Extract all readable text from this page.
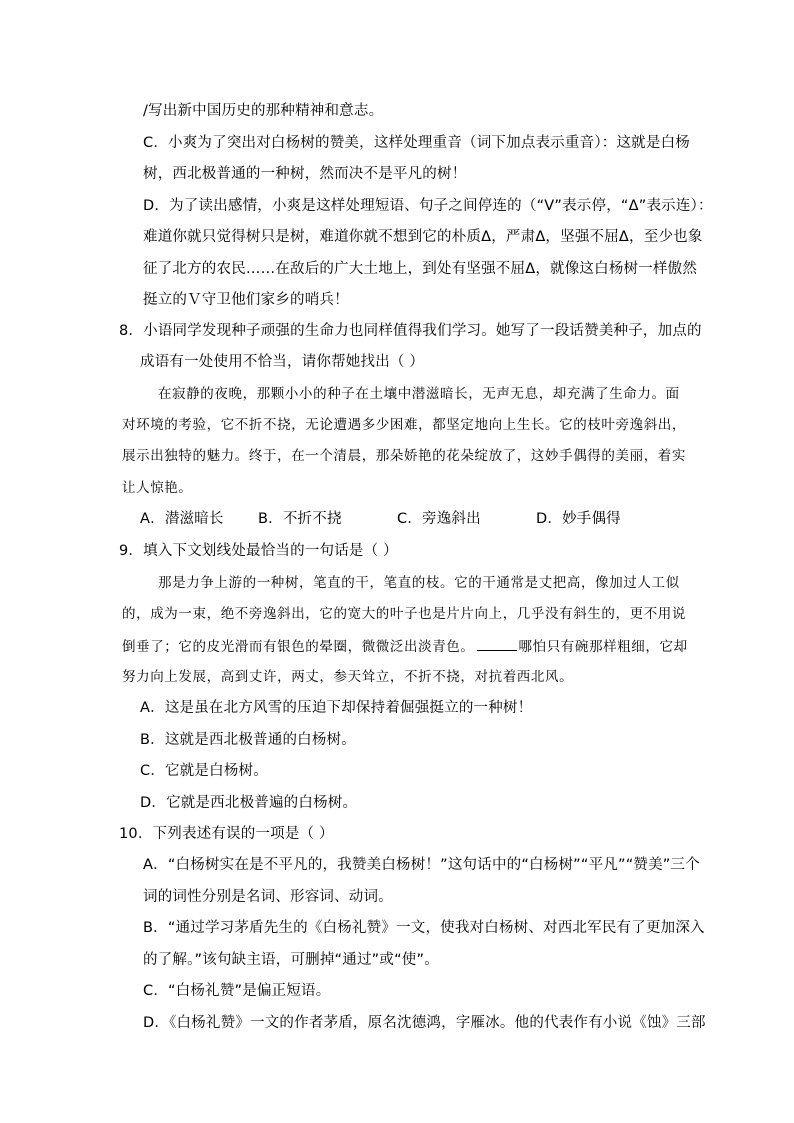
/写出新中国历史的那种精神和意志。
C．小爽为了突出对白杨树的赞美，这样处理重音（词下加点表示重音）：这就是白杨
树，西北极普通的一种树，然而决不是平凡的树！
D．为了读出感情，小爽是这样处理短语、句子之间停连的（“V”表示停，“Δ”表示连）：
难道你就只觉得树只是树，难道你就不想到它的朴质Δ，严肃Δ，坚强不屈Δ，至少也象
征了北方的农民……在敌后的广大土地上，到处有坚强不屈Δ，就像这白杨树一样傲然
挺立的Ｖ守卫他们家乡的哨兵！
8．小语同学发现种子顽强的生命力也同样值得我们学习。她写了一段话赞美种子，加点的
成语有一处使用不恰当，请你帮她找出（ ）
在寂静的夜晚，那颗小小的种子在土壤中潜滋暗长，无声无息，却充满了生命力。面
对环境的考验，它不折不挠，无论遭遇多少困难，都坚定地向上生长。它的枝叶旁逸斜出，
展示出独特的魅力。终于，在一个清晨，那朵娇艳的花朵绽放了，这妙手偶得的美丽，着实
让人惊艳。
A．潜滋暗长 B．不折不挠	C．旁逸斜出	D．妙手偶得
9．填入下文划线处最恰当的一句话是（ ）
那是力争上游的一种树，笔直的干，笔直的枝。它的干通常是丈把高，像加过人工似
的，成为一束，绝不旁逸斜出，它的宽大的叶子也是片片向上，几乎没有斜生的，更不用说
倒垂了；它的皮光滑而有银色的晕圈，微微泛出淡青色。	哪怕只有碗那样粗细，它却
努力向上发展，高到丈许，两丈，参天耸立，不折不挠，对抗着西北风。
A．这是虽在北方风雪的压迫下却保持着倔强挺立的一种树！
B．这就是西北极普通的白杨树。
C．它就是白杨树。
D．它就是西北极普遍的白杨树。
10．下列表述有误的一项是（ ）
A．“白杨树实在是不平凡的，我赞美白杨树！”这句话中的“白杨树”“平凡”“赞美”三个
词的词性分别是名词、形容词、动词。
B．“通过学习茅盾先生的《白杨礼赞》一文，使我对白杨树、对西北军民有了更加深入
的了解。”该句缺主语，可删掉“通过”或“使”。
C．“白杨礼赞”是偏正短语。
D．《白杨礼赞》一文的作者茅盾，原名沈德鸿，字雁冰。他的代表作有小说《蚀》三部
